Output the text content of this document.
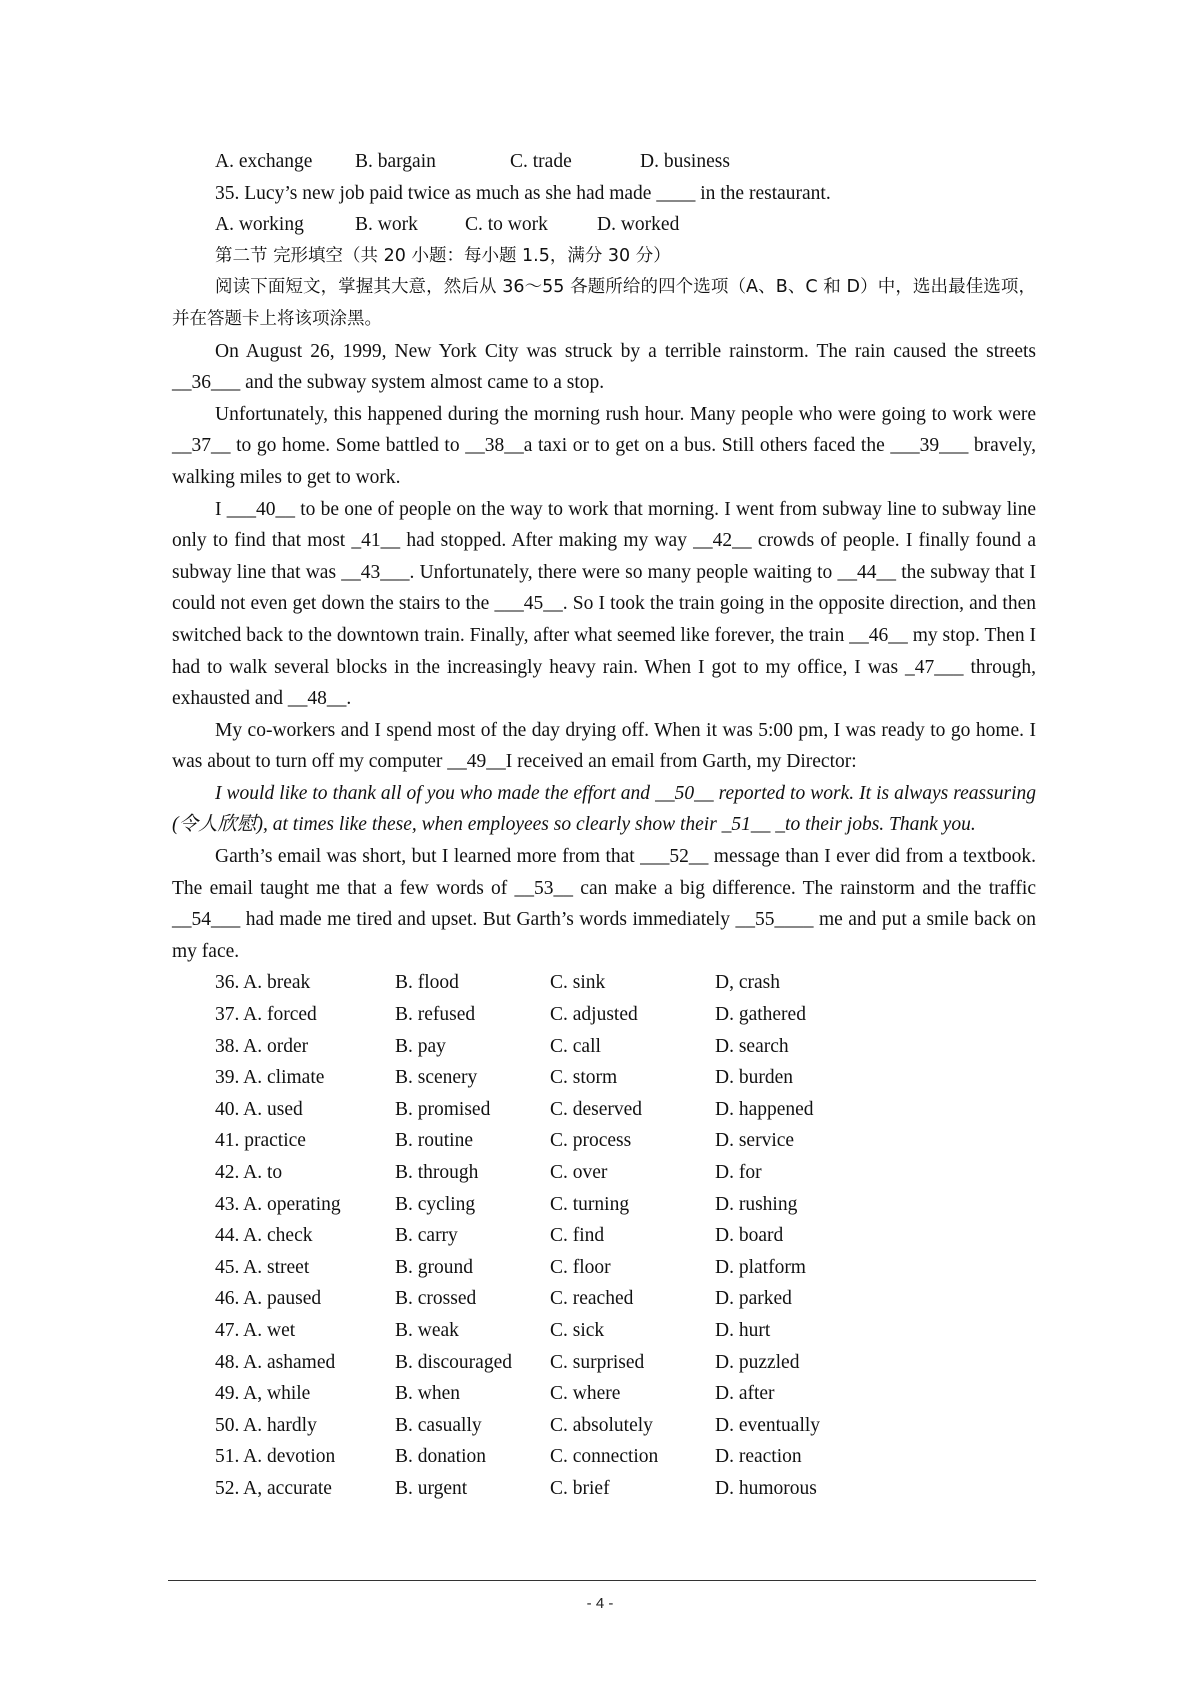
A. exchange	B. bargain	C. trade	D. business
35. Lucy’s new job paid twice as much as she had made ____ in the restaurant.
A. working	B. work	C. to work	D. worked
第二节 完形填空（共 20 小题：每小题 1.5，满分 30 分）

阅读下面短文，掌握其大意，然后从 36～55 各题所给的四个选项（A、B、C 和 D）中，选出最佳选项，并在答题卡上将该项涂黑。

On August 26, 1999, New York City was struck by a terrible rainstorm. The rain caused the streets __36___ and the subway system almost came to a stop.

Unfortunately, this happened during the morning rush hour. Many people who were going to work were __37__ to go home. Some battled to __38__a taxi or to get on a bus. Still others faced the ___39___ bravely, walking miles to get to work.

I ___40__ to be one of people on the way to work that morning. I went from subway line to subway line only to find that most _41__ had stopped. After making my way __42__ crowds of people. I finally found a subway line that was __43___. Unfortunately, there were so many people waiting to __44__ the subway that I could not even get down the stairs to the ___45__. So I took the train going in the opposite direction, and then switched back to the downtown train. Finally, after what seemed like forever, the train __46__ my stop. Then I had to walk several blocks in the increasingly heavy rain. When I got to my office, I was _47___ through, exhausted and __48__.

My co-workers and I spend most of the day drying off. When it was 5:00 pm, I was ready to go home. I was about to turn off my computer __49__I received an email from Garth, my Director:

I would like to thank all of you who made the effort and __50__ reported to work. It is always reassuring (令人欣慰), at times like these, when employees so clearly show their _51__ _to their jobs. Thank you.

Garth’s email was short, but I learned more from that ___52__ message than I ever did from a textbook. The email taught me that a few words of __53__ can make a big difference. The rainstorm and the traffic __54___ had made me tired and upset. But Garth’s words immediately __55____ me and put a smile back on my face.

36. A. break	B. flood	C. sink	D, crash
37. A. forced	B. refused	C. adjusted	D. gathered
38. A. order	B. pay	C. call	D. search
39. A. climate	B. scenery	C. storm	D. burden
40. A. used	B. promised	C. deserved	D. happened
41. practice	B. routine	C. process	D. service
42. A. to	B. through	C. over	D. for
43. A. operating	B. cycling	C. turning	D. rushing
44. A. check	B. carry	C. find	D. board
45. A. street	B. ground	C. floor	D. platform
46. A. paused	B. crossed	C. reached	D. parked
47. A. wet	B. weak	C. sick	D. hurt
48. A. ashamed	B. discouraged	C. surprised	D. puzzled
49. A, while	B. when	C. where	D. after
50. A. hardly	B. casually	C. absolutely	D. eventually
51. A. devotion	B. donation	C. connection	D. reaction
52. A, accurate	B. urgent	C. brief	D. humorous
- 4 -
